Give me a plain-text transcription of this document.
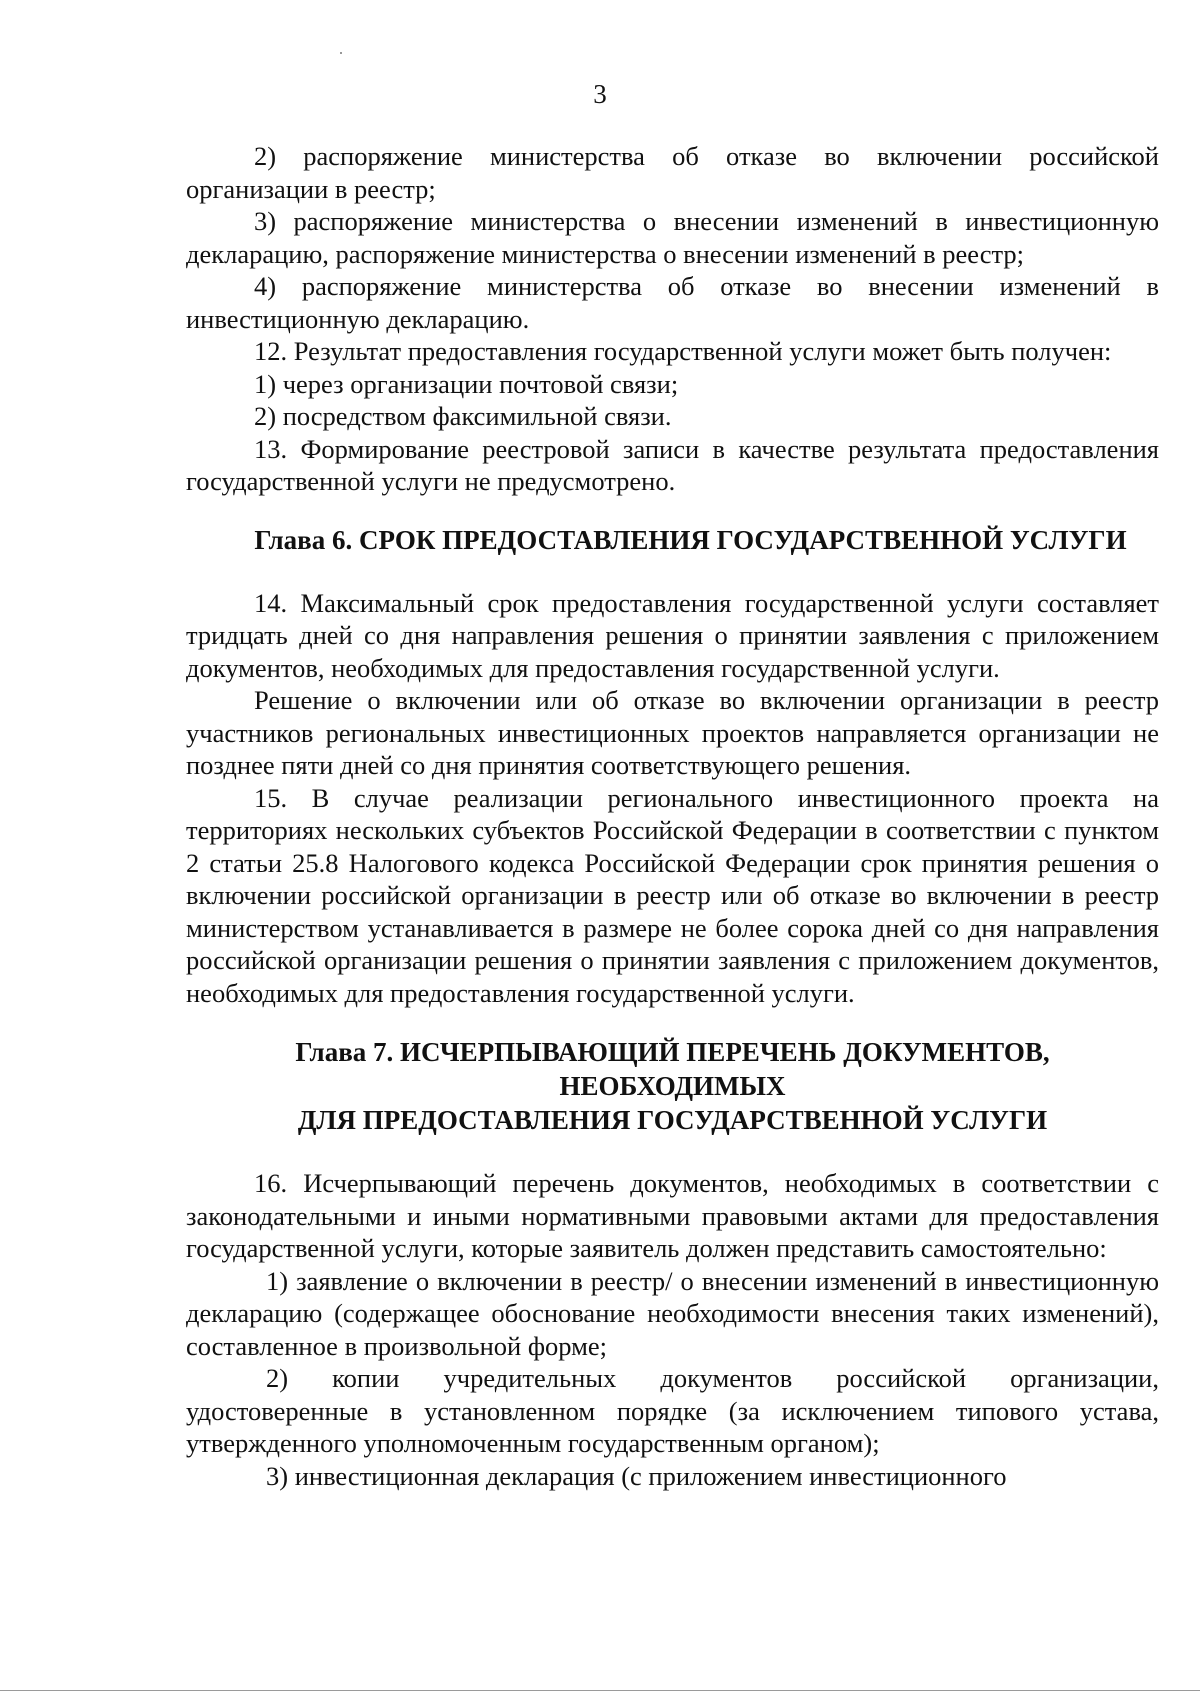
3

2) распоряжение министерства об отказе во включении российской организации в реестр;

3) распоряжение министерства о внесении изменений в инвестиционную декларацию, распоряжение министерства о внесении изменений в реестр;

4) распоряжение министерства об отказе во внесении изменений в инвестиционную декларацию.

12. Результат предоставления государственной услуги может быть получен:

1) через организации почтовой связи;

2) посредством факсимильной связи.

13. Формирование реестровой записи в качестве результата предоставления государственной услуги не предусмотрено.

Глава 6. СРОК ПРЕДОСТАВЛЕНИЯ ГОСУДАРСТВЕННОЙ УСЛУГИ

14. Максимальный срок предоставления государственной услуги составляет тридцать дней со дня направления решения о принятии заявления с приложением документов, необходимых для предоставления государственной услуги.

Решение о включении или об отказе во включении организации в реестр участников региональных инвестиционных проектов направляется организации не позднее пяти дней со дня принятия соответствующего решения.

15. В случае реализации регионального инвестиционного проекта на территориях нескольких субъектов Российской Федерации в соответствии с пунктом 2 статьи 25.8 Налогового кодекса Российской Федерации срок принятия решения о включении российской организации в реестр или об отказе во включении в реестр министерством устанавливается в размере не более сорока дней со дня направления российской организации решения о принятии заявления с приложением документов, необходимых для предоставления государственной услуги.

Глава 7. ИСЧЕРПЫВАЮЩИЙ ПЕРЕЧЕНЬ ДОКУМЕНТОВ, НЕОБХОДИМЫХ
ДЛЯ ПРЕДОСТАВЛЕНИЯ ГОСУДАРСТВЕННОЙ УСЛУГИ

16. Исчерпывающий перечень документов, необходимых в соответствии с законодательными и иными нормативными правовыми актами для предоставления государственной услуги, которые заявитель должен представить самостоятельно:

1) заявление о включении в реестр/ о внесении изменений в инвестиционную декларацию (содержащее обоснование необходимости внесения таких изменений), составленное в произвольной форме;

2) копии учредительных документов российской организации, удостоверенные в установленном порядке (за исключением типового устава, утвержденного уполномоченным государственным органом);

3) инвестиционная декларация (с приложением инвестиционного
